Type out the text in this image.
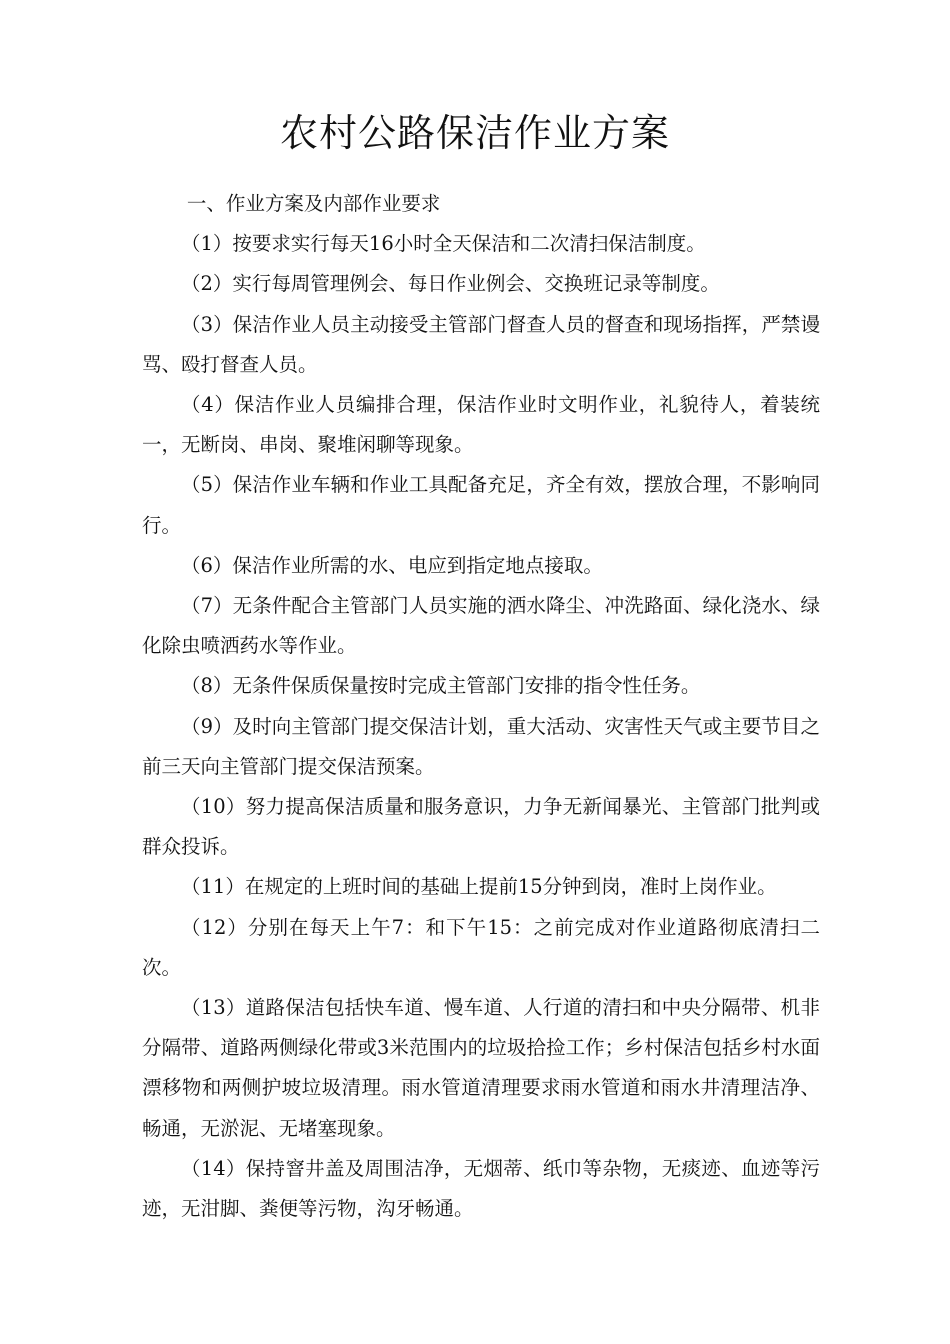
农村公路保洁作业方案

一、作业方案及内部作业要求

（1）按要求实行每天16小时全天保洁和二次清扫保洁制度。

（2）实行每周管理例会、每日作业例会、交换班记录等制度。

（3）保洁作业人员主动接受主管部门督查人员的督查和现场指挥，严禁谩骂、殴打督查人员。

（4）保洁作业人员编排合理，保洁作业时文明作业，礼貌待人，着装统一，无断岗、串岗、聚堆闲聊等现象。

（5）保洁作业车辆和作业工具配备充足，齐全有效，摆放合理，不影响同行。

（6）保洁作业所需的水、电应到指定地点接取。

（7）无条件配合主管部门人员实施的洒水降尘、冲洗路面、绿化浇水、绿化除虫喷洒药水等作业。

（8）无条件保质保量按时完成主管部门安排的指令性任务。

（9）及时向主管部门提交保洁计划，重大活动、灾害性天气或主要节目之前三天向主管部门提交保洁预案。

（10）努力提高保洁质量和服务意识，力争无新闻暴光、主管部门批判或群众投诉。

（11）在规定的上班时间的基础上提前15分钟到岗，准时上岗作业。

（12）分别在每天上午7：和下午15：之前完成对作业道路彻底清扫二次。

（13）道路保洁包括快车道、慢车道、人行道的清扫和中央分隔带、机非分隔带、道路两侧绿化带或3米范围内的垃圾拾捡工作；乡村保洁包括乡村水面漂移物和两侧护坡垃圾清理。雨水管道清理要求雨水管道和雨水井清理洁净、畅通，无淤泥、无堵塞现象。

（14）保持窨井盖及周围洁净，无烟蒂、纸巾等杂物，无痰迹、血迹等污迹，无泔脚、粪便等污物，沟牙畅通。
